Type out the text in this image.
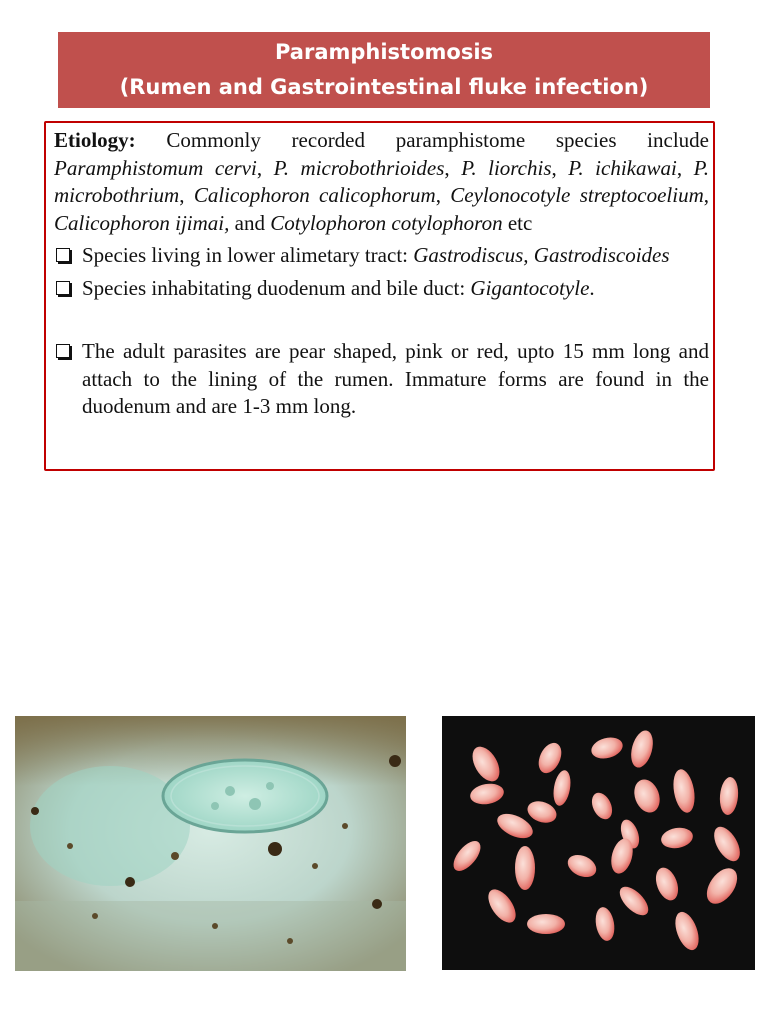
Paramphistomosis
(Rumen and Gastrointestinal fluke infection)
Etiology: Commonly recorded paramphistome species include Paramphistomum cervi, P. microbothrioides, P. liorchis, P. ichikawai, P. microbothrium, Calicophoron calicophorum, Ceylonocotyle streptocoelium, Calicophoron ijimai, and Cotylophoron cotylophoron etc
Species living in lower alimetary tract: Gastrodiscus, Gastrodiscoides
Species inhabitating duodenum and bile duct: Gigantocotyle.
The adult parasites are pear shaped, pink or red, upto 15 mm long and attach to the lining of the rumen. Immature forms are found in the duodenum and are 1-3 mm long.
